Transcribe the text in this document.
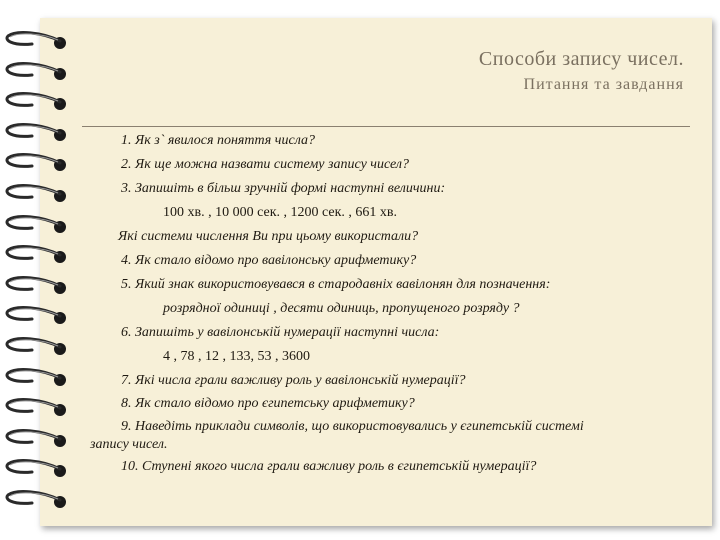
Способи запису чисел.
Питання та завдання
1. Як з` явилося поняття числа?
2. Як ще можна назвати систему запису чисел?
3. Запишіть в більш зручній формі наступні величини:
100 хв. , 10 000 сек. , 1200 сек. , 661 хв.
Які системи числення Ви при цьому використали?
4. Як стало відомо про вавілонську арифметику?
5. Який знак використовувався в стародавніх вавілонян для позначення:
розрядної одиниці , десяти одиниць, пропущеного розряду ?
6. Запишіть у вавілонській нумерації наступні числа:
4 , 78 , 12 , 133, 53 , 3600
7. Які числа грали важливу роль у вавілонській нумерації?
8. Як стало відомо про єгипетську арифметику?
9. Наведіть приклади символів, що використовувались у єгипетській системі
запису чисел.
10. Ступені якого числа грали важливу роль в єгипетській нумерації?
